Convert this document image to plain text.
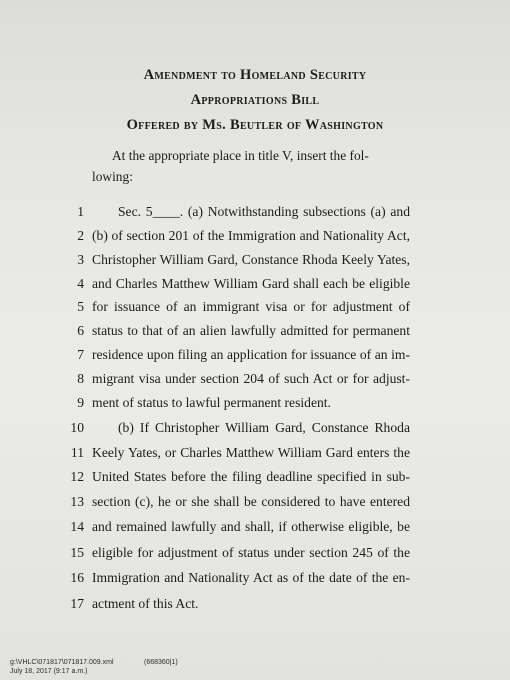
Amendment to Homeland Security
Appropriations Bill
Offered by Ms. Beutler of Washington
At the appropriate place in title V, insert the fol-
lowing:
1	Sec. 5____. (a) Notwithstanding subsections (a) and
2 (b) of section 201 of the Immigration and Nationality Act,
3 Christopher William Gard, Constance Rhoda Keely Yates,
4 and Charles Matthew William Gard shall each be eligible
5 for issuance of an immigrant visa or for adjustment of
6 status to that of an alien lawfully admitted for permanent
7 residence upon filing an application for issuance of an im-
8 migrant visa under section 204 of such Act or for adjust-
9 ment of status to lawful permanent resident.
10	(b) If Christopher William Gard, Constance Rhoda
11 Keely Yates, or Charles Matthew William Gard enters the
12 United States before the filing deadline specified in sub-
13 section (c), he or she shall be considered to have entered
14 and remained lawfully and shall, if otherwise eligible, be
15 eligible for adjustment of status under section 245 of the
16 Immigration and Nationality Act as of the date of the en-
17 actment of this Act.
g:\VHLC\071817\071817.009.xml	(668360|1)
July 18, 2017 (9:17 a.m.)
